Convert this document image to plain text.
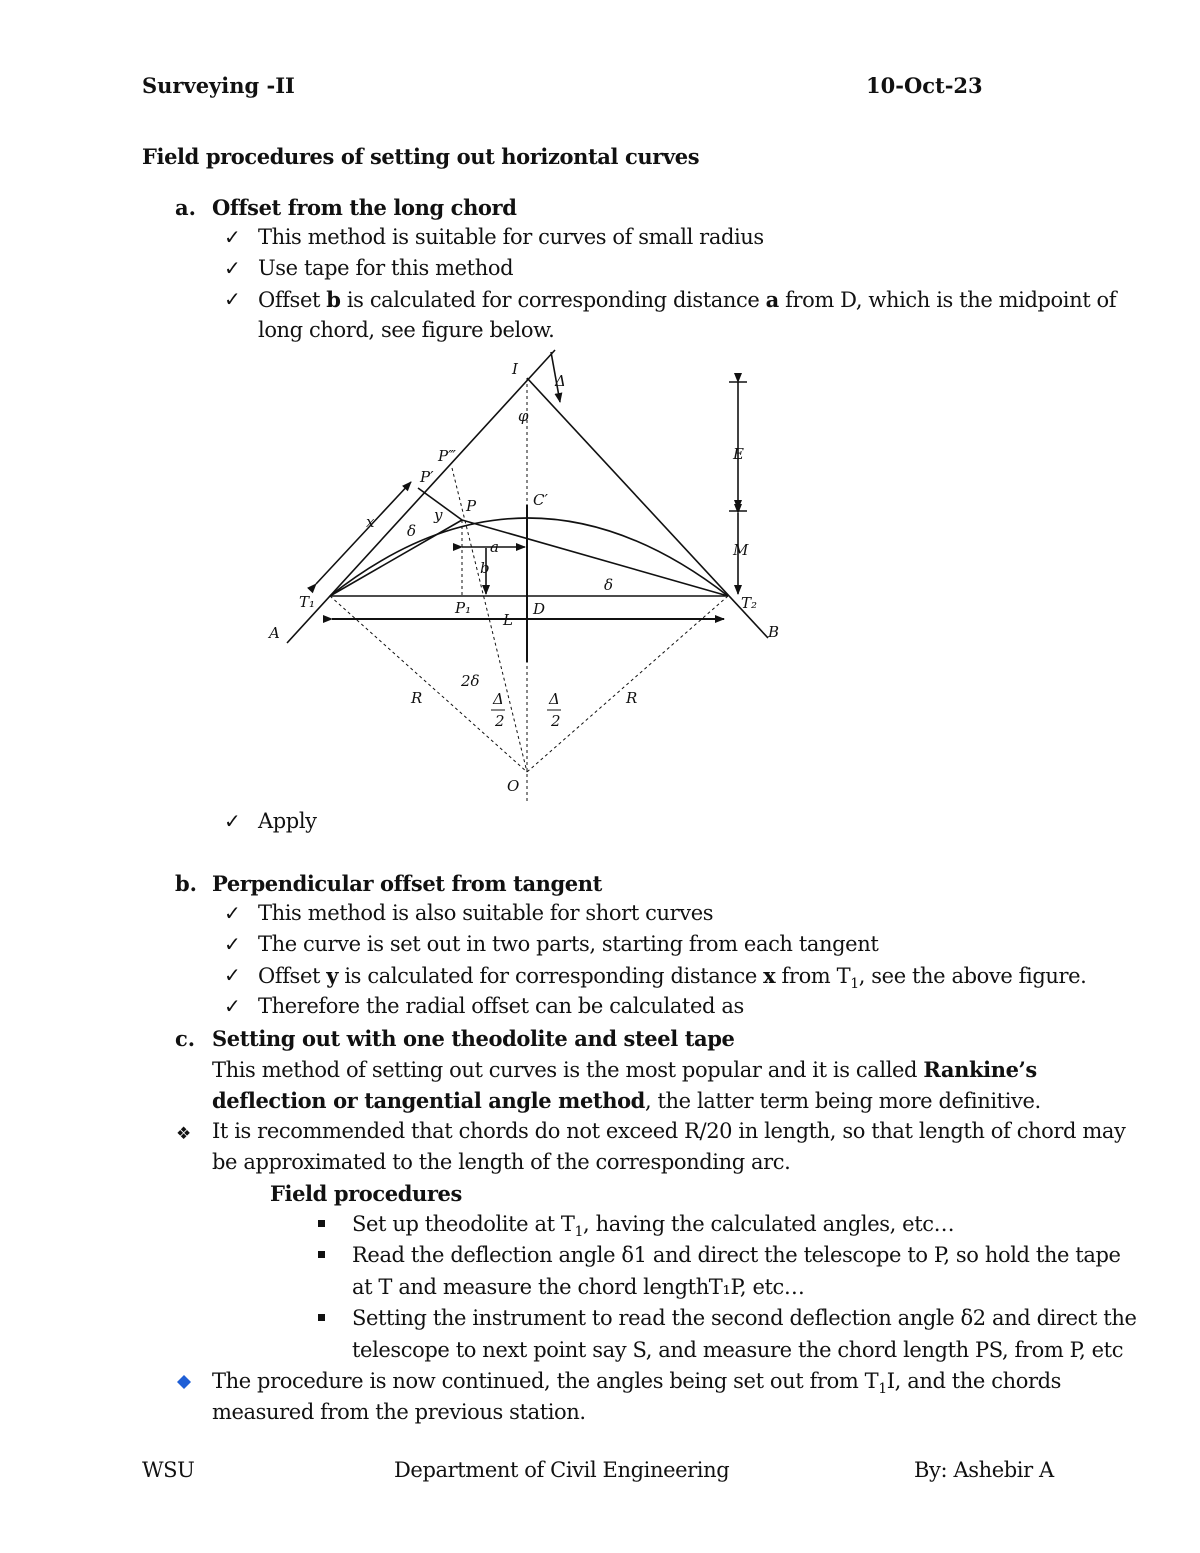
Surveying -II	10-Oct-23
Field procedures of setting out horizontal curves
a. Offset from the long chord
✓ This method is suitable for curves of small radius
✓ Use tape for this method
✓ Offset b is calculated for corresponding distance a from D, which is the midpoint of
long chord, see figure below.
I
Δ
φ
P‴
P′
P	C′
y
x δ
a
b
δ
E
M
T₁	T₂
A	B
P₁
L
D
R	R
2δ
Δ
2
Δ
2
O
✓ Apply
b. Perpendicular offset from tangent
✓ This method is also suitable for short curves
✓ The curve is set out in two parts, starting from each tangent
✓ Offset y is calculated for corresponding distance x from $T_1$, see the above figure.
✓ Therefore the radial offset can be calculated as
c. Setting out with one theodolite and steel tape
This method of setting out curves is the most popular and it is called Rankine’s
deflection or tangential angle method, the latter term being more definitive.
❖ It is recommended that chords do not exceed R/20 in length, so that length of chord may
be approximated to the length of the corresponding arc.
Field procedures
Set up theodolite at $T_1$, having the calculated angles, etc…
Read the deflection angle δ1 and direct the telescope to P, so hold the tape
at T and measure the chord lengthT₁P, etc…
Setting the instrument to read the second deflection angle δ2 and direct the
telescope to next point say S, and measure the chord length PS, from P, etc
The procedure is now continued, the angles being set out from $T_1I$, and the chords
measured from the previous station.
WSU	Department of Civil Engineering	By: Ashebir A
